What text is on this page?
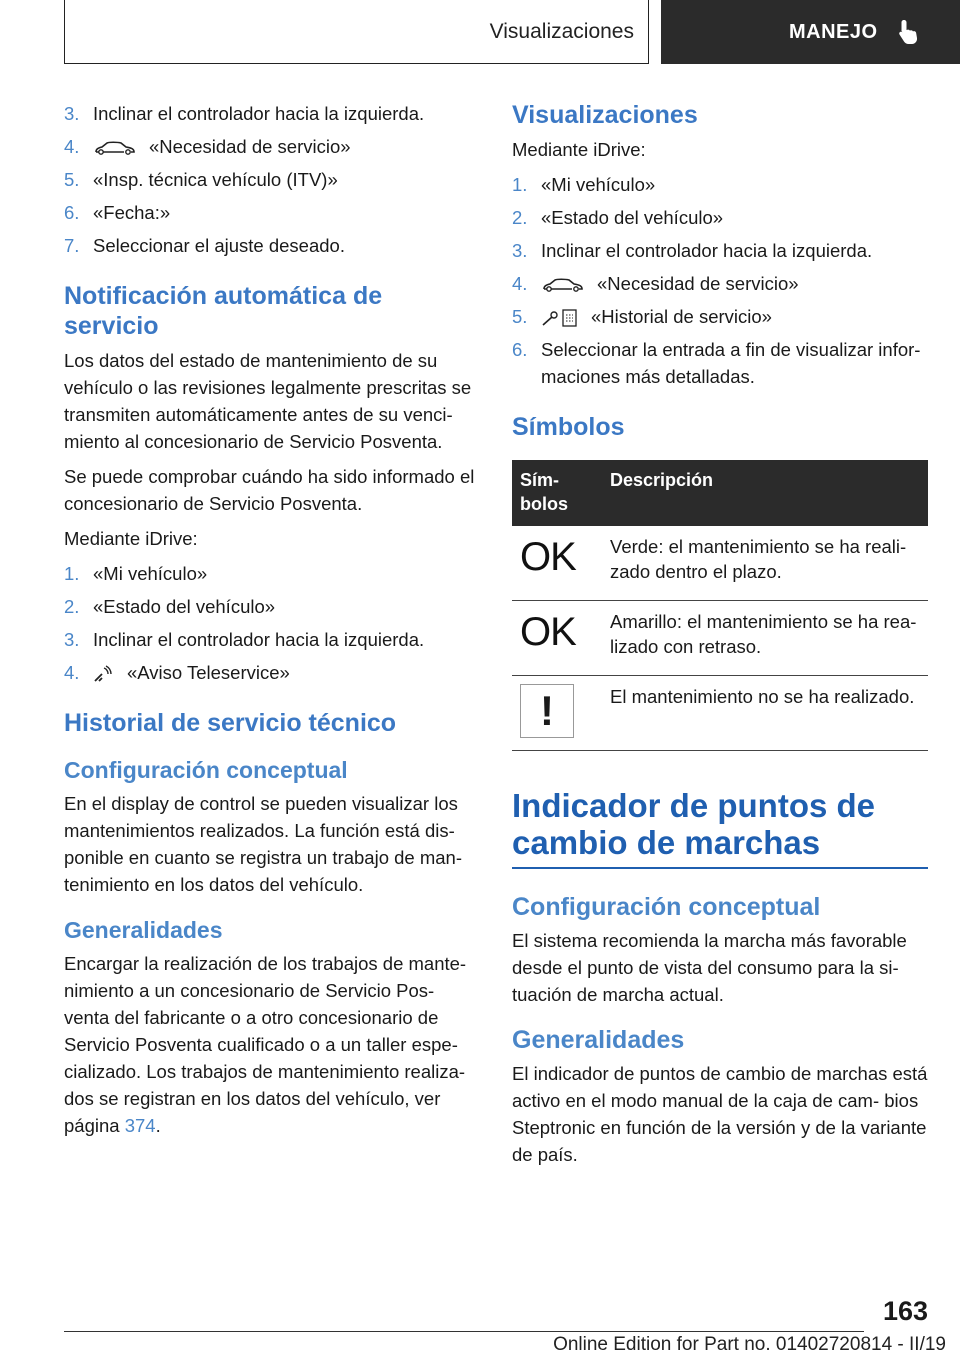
Visualizaciones	MANEJO
3. Inclinar el controlador hacia la izquierda.
4.	«Necesidad de servicio»
5. «Insp. técnica vehículo (ITV)»
6. «Fecha:»
7. Seleccionar el ajuste deseado.
Notificación automática de servicio

Los datos del estado de mantenimiento de su vehículo o las revisiones legalmente prescritas se transmiten automáticamente antes de su venci- miento al concesionario de Servicio Posventa.

Se puede comprobar cuándo ha sido informado el concesionario de Servicio Posventa.

Mediante iDrive:

1. «Mi vehículo»
2. «Estado del vehículo»
3. Inclinar el controlador hacia la izquierda.
4.	«Aviso Teleservice»
Historial de servicio técnico
Configuración conceptual

En el display de control se pueden visualizar los mantenimientos realizados. La función está dis- ponible en cuanto se registra un trabajo de man- tenimiento en los datos del vehículo.

Generalidades

Encargar la realización de los trabajos de mante- nimiento a un concesionario de Servicio Pos- venta del fabricante o a otro concesionario de Servicio Posventa cualificado o a un taller espe- cializado. Los trabajos de mantenimiento realiza- dos se registran en los datos del vehículo, ver página 374.

Visualizaciones

Mediante iDrive:

1. «Mi vehículo»
2. «Estado del vehículo»
3. Inclinar el controlador hacia la izquierda.
4.	«Necesidad de servicio»
5.	«Historial de servicio»
6. Seleccionar la entrada a fin de visualizar infor- maciones más detalladas.
Símbolos
Sím- bolos	Descripción
OK	Verde: el mantenimiento se ha reali- zado dentro el plazo.
OK	Amarillo: el mantenimiento se ha rea- lizado con retraso.

!	El mantenimiento no se ha realizado.
Indicador de puntos de cambio de marchas
Configuración conceptual

El sistema recomienda la marcha más favorable desde el punto de vista del consumo para la si- tuación de marcha actual.

Generalidades

El indicador de puntos de cambio de marchas está activo en el modo manual de la caja de cam- bios Steptronic en función de la versión y de la variante de país.

163
Online Edition for Part no. 01402720814 - II/19
